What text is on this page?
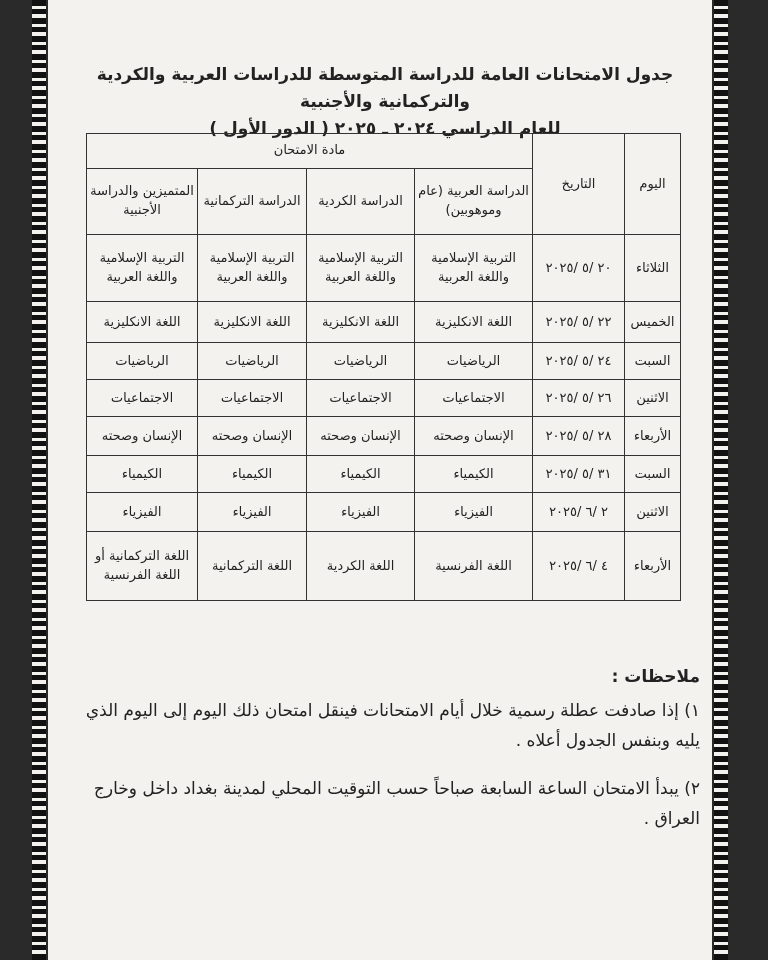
جدول الامتحانات العامة للدراسة المتوسطة للدراسات العربية والكردية والتركمانية والأجنبية
للعام الدراسي ٢٠٢٤ ـ ٢٠٢٥ ( الدور الأول )
اليوم	التاريخ	مادة الامتحان			
		الدراسة العربية (عام وموهوبين)	الدراسة الكردية	الدراسة التركمانية	المتميزين والدراسة الأجنبية
الثلاثاء	٢٠ /٥ /٢٠٢٥	التربية الإسلامية واللغة العربية	التربية الإسلامية واللغة العربية	التربية الإسلامية واللغة العربية	التربية الإسلامية واللغة العربية
الخميس	٢٢ /٥ /٢٠٢٥	اللغة الانكليزية	اللغة الانكليزية	اللغة الانكليزية	اللغة الانكليزية
السبت	٢٤ /٥ /٢٠٢٥	الرياضيات	الرياضيات	الرياضيات	الرياضيات
الاثنين	٢٦ /٥ /٢٠٢٥	الاجتماعيات	الاجتماعيات	الاجتماعيات	الاجتماعيات
الأربعاء	٢٨ /٥ /٢٠٢٥	الإنسان وصحته	الإنسان وصحته	الإنسان وصحته	الإنسان وصحته
السبت	٣١ /٥ /٢٠٢٥	الكيمياء	الكيمياء	الكيمياء	الكيمياء
الاثنين	٢ /٦ /٢٠٢٥	الفيزياء	الفيزياء	الفيزياء	الفيزياء
الأربعاء	٤ /٦ /٢٠٢٥	اللغة الفرنسية	اللغة الكردية	اللغة التركمانية	اللغة التركمانية أو اللغة الفرنسية
ملاحظات :
١) إذا صادفت عطلة رسمية خلال أيام الامتحانات فينقل امتحان ذلك اليوم إلى اليوم الذي يليه وبنفس الجدول أعلاه .
٢) يبدأ الامتحان الساعة السابعة صباحاً حسب التوقيت المحلي لمدينة بغداد داخل وخارج العراق .
